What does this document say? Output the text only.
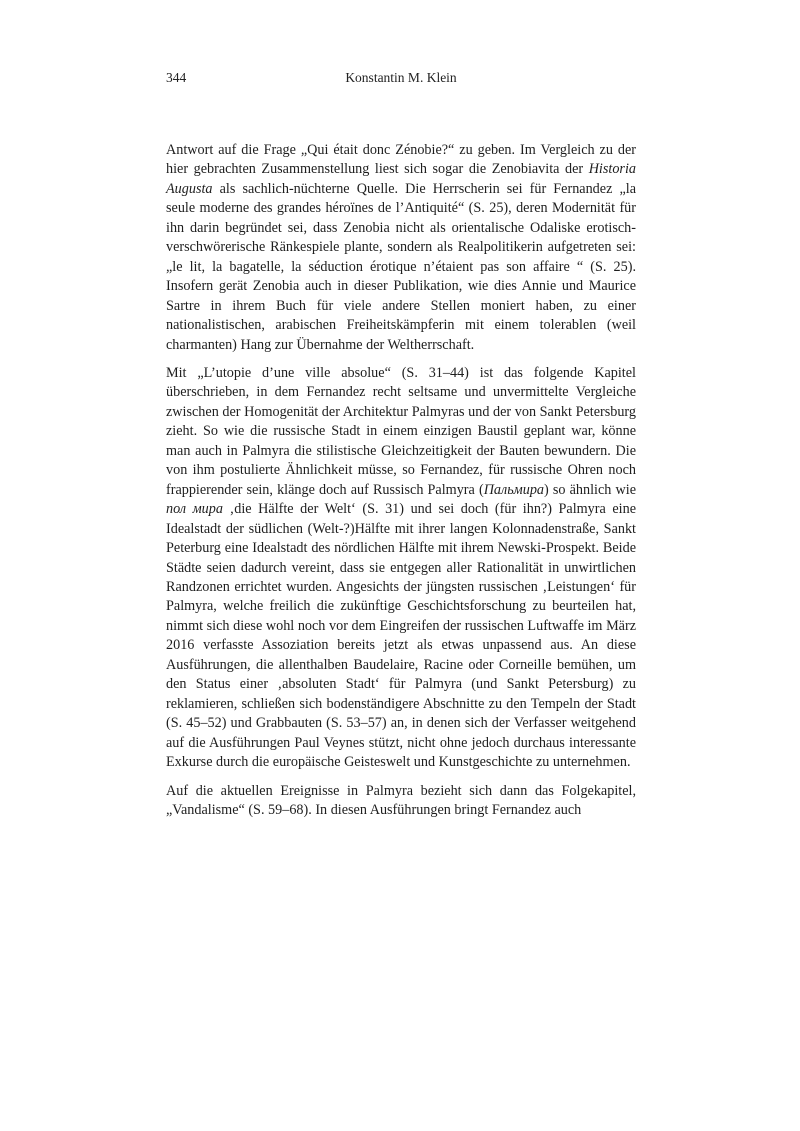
344	Konstantin M. Klein

Antwort auf die Frage „Qui était donc Zénobie?“ zu geben. Im Vergleich zu der hier gebrachten Zusammenstellung liest sich sogar die Zenobiavita der Historia Augusta als sachlich-nüchterne Quelle. Die Herrscherin sei für Fernandez „la seule moderne des grandes héroïnes de l’Antiquité“ (S. 25), deren Modernität für ihn darin begründet sei, dass Zenobia nicht als orientalische Odaliske erotisch-verschwörerische Ränkespiele plante, sondern als Realpolitikerin aufgetreten sei: „le lit, la bagatelle, la séduction érotique n’étaient pas son affaire “ (S. 25). Insofern gerät Zenobia auch in dieser Publikation, wie dies Annie und Maurice Sartre in ihrem Buch für viele andere Stellen moniert haben, zu einer nationalistischen, arabischen Freiheitskämpferin mit einem tolerablen (weil charmanten) Hang zur Übernahme der Weltherrschaft.

Mit „L’utopie d’une ville absolue“ (S. 31–44) ist das folgende Kapitel überschrieben, in dem Fernandez recht seltsame und unvermittelte Vergleiche zwischen der Homogenität der Architektur Palmyras und der von Sankt Petersburg zieht. So wie die russische Stadt in einem einzigen Baustil geplant war, könne man auch in Palmyra die stilistische Gleichzeitigkeit der Bauten bewundern. Die von ihm postulierte Ähnlichkeit müsse, so Fernandez, für russische Ohren noch frappierender sein, klänge doch auf Russisch Palmyra (Пальмира) so ähnlich wie пол мира ‚die Hälfte der Welt‘ (S. 31) und sei doch (für ihn?) Palmyra eine Idealstadt der südlichen (Welt-?)Hälfte mit ihrer langen Kolonnadenstraße, Sankt Peterburg eine Idealstadt des nördlichen Hälfte mit ihrem Newski-Prospekt. Beide Städte seien dadurch vereint, dass sie entgegen aller Rationalität in unwirtlichen Randzonen errichtet wurden. Angesichts der jüngsten russischen ‚Leistungen‘ für Palmyra, welche freilich die zukünftige Geschichtsforschung zu beurteilen hat, nimmt sich diese wohl noch vor dem Eingreifen der russischen Luftwaffe im März 2016 verfasste Assoziation bereits jetzt als etwas unpassend aus. An diese Ausführungen, die allenthalben Baudelaire, Racine oder Corneille bemühen, um den Status einer ‚absoluten Stadt‘ für Palmyra (und Sankt Petersburg) zu reklamieren, schließen sich bodenständigere Abschnitte zu den Tempeln der Stadt (S. 45–52) und Grabbauten (S. 53–57) an, in denen sich der Verfasser weitgehend auf die Ausführungen Paul Veynes stützt, nicht ohne jedoch durchaus interessante Exkurse durch die europäische Geisteswelt und Kunstgeschichte zu unternehmen.

Auf die aktuellen Ereignisse in Palmyra bezieht sich dann das Folgekapitel, „Vandalisme“ (S. 59–68). In diesen Ausführungen bringt Fernandez auch
